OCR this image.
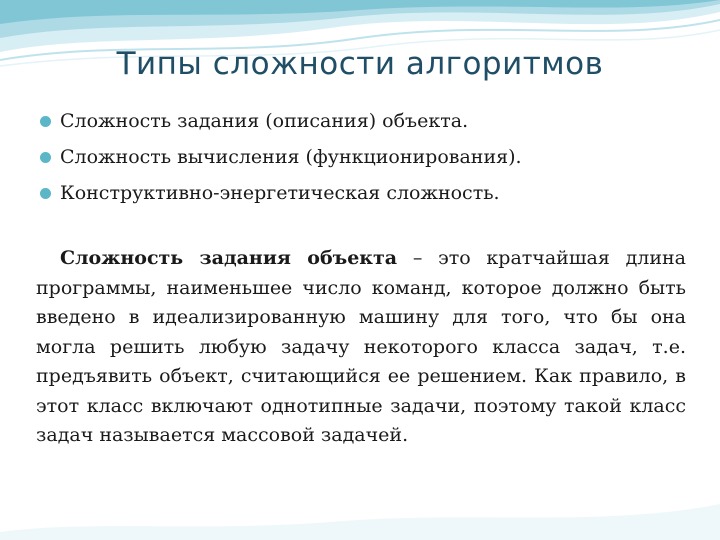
Типы сложности алгоритмов
Сложность задания (описания) объекта.
Сложность вычисления (функционирования).
Конструктивно-энергетическая сложность.

Сложность задания объекта – это кратчайшая длина программы, наименьшее число команд, которое должно быть введено в идеализированную машину для того, что бы она могла решить любую задачу некоторого класса задач, т.е. предъявить объект, считающийся ее решением. Как правило, в этот класс включают однотипные задачи, поэтому такой класс задач называется массовой задачей.
